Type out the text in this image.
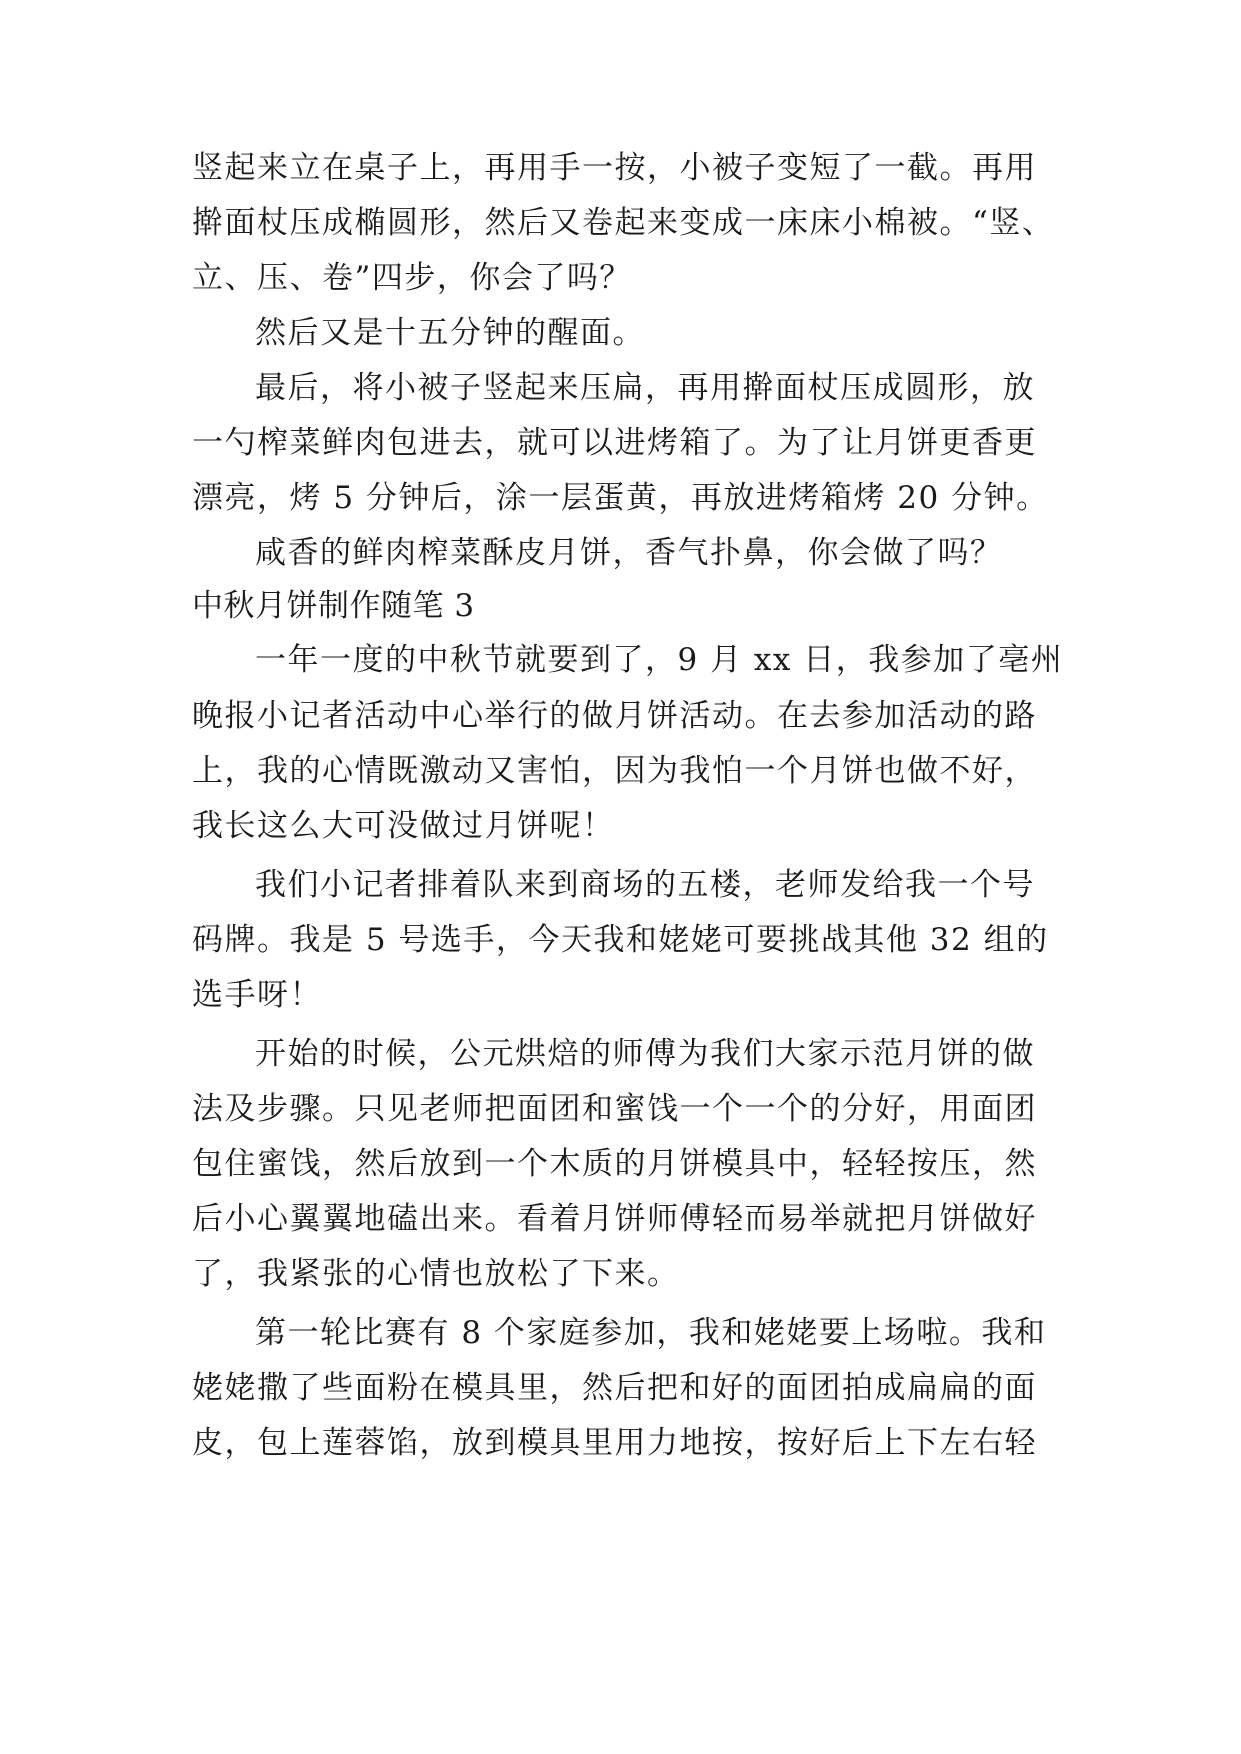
竖起来立在桌子上，再用手一按，小被子变短了一截。再用
擀面杖压成椭圆形，然后又卷起来变成一床床小棉被。“竖、
立、压、卷”四步，你会了吗？
然后又是十五分钟的醒面。
最后，将小被子竖起来压扁，再用擀面杖压成圆形，放
一勺榨菜鲜肉包进去，就可以进烤箱了。为了让月饼更香更
漂亮，烤 5 分钟后，涂一层蛋黄，再放进烤箱烤 20 分钟。
咸香的鲜肉榨菜酥皮月饼，香气扑鼻，你会做了吗？
中秋月饼制作随笔 3
一年一度的中秋节就要到了，9 月 xx 日，我参加了亳州
晚报小记者活动中心举行的做月饼活动。在去参加活动的路
上，我的心情既激动又害怕，因为我怕一个月饼也做不好，
我长这么大可没做过月饼呢！
我们小记者排着队来到商场的五楼，老师发给我一个号
码牌。我是 5 号选手，今天我和姥姥可要挑战其他 32 组的
选手呀！
开始的时候，公元烘焙的师傅为我们大家示范月饼的做
法及步骤。只见老师把面团和蜜饯一个一个的分好，用面团
包住蜜饯，然后放到一个木质的月饼模具中，轻轻按压，然
后小心翼翼地磕出来。看着月饼师傅轻而易举就把月饼做好
了，我紧张的心情也放松了下来。
第一轮比赛有 8 个家庭参加，我和姥姥要上场啦。我和
姥姥撒了些面粉在模具里，然后把和好的面团拍成扁扁的面
皮，包上莲蓉馅，放到模具里用力地按，按好后上下左右轻
